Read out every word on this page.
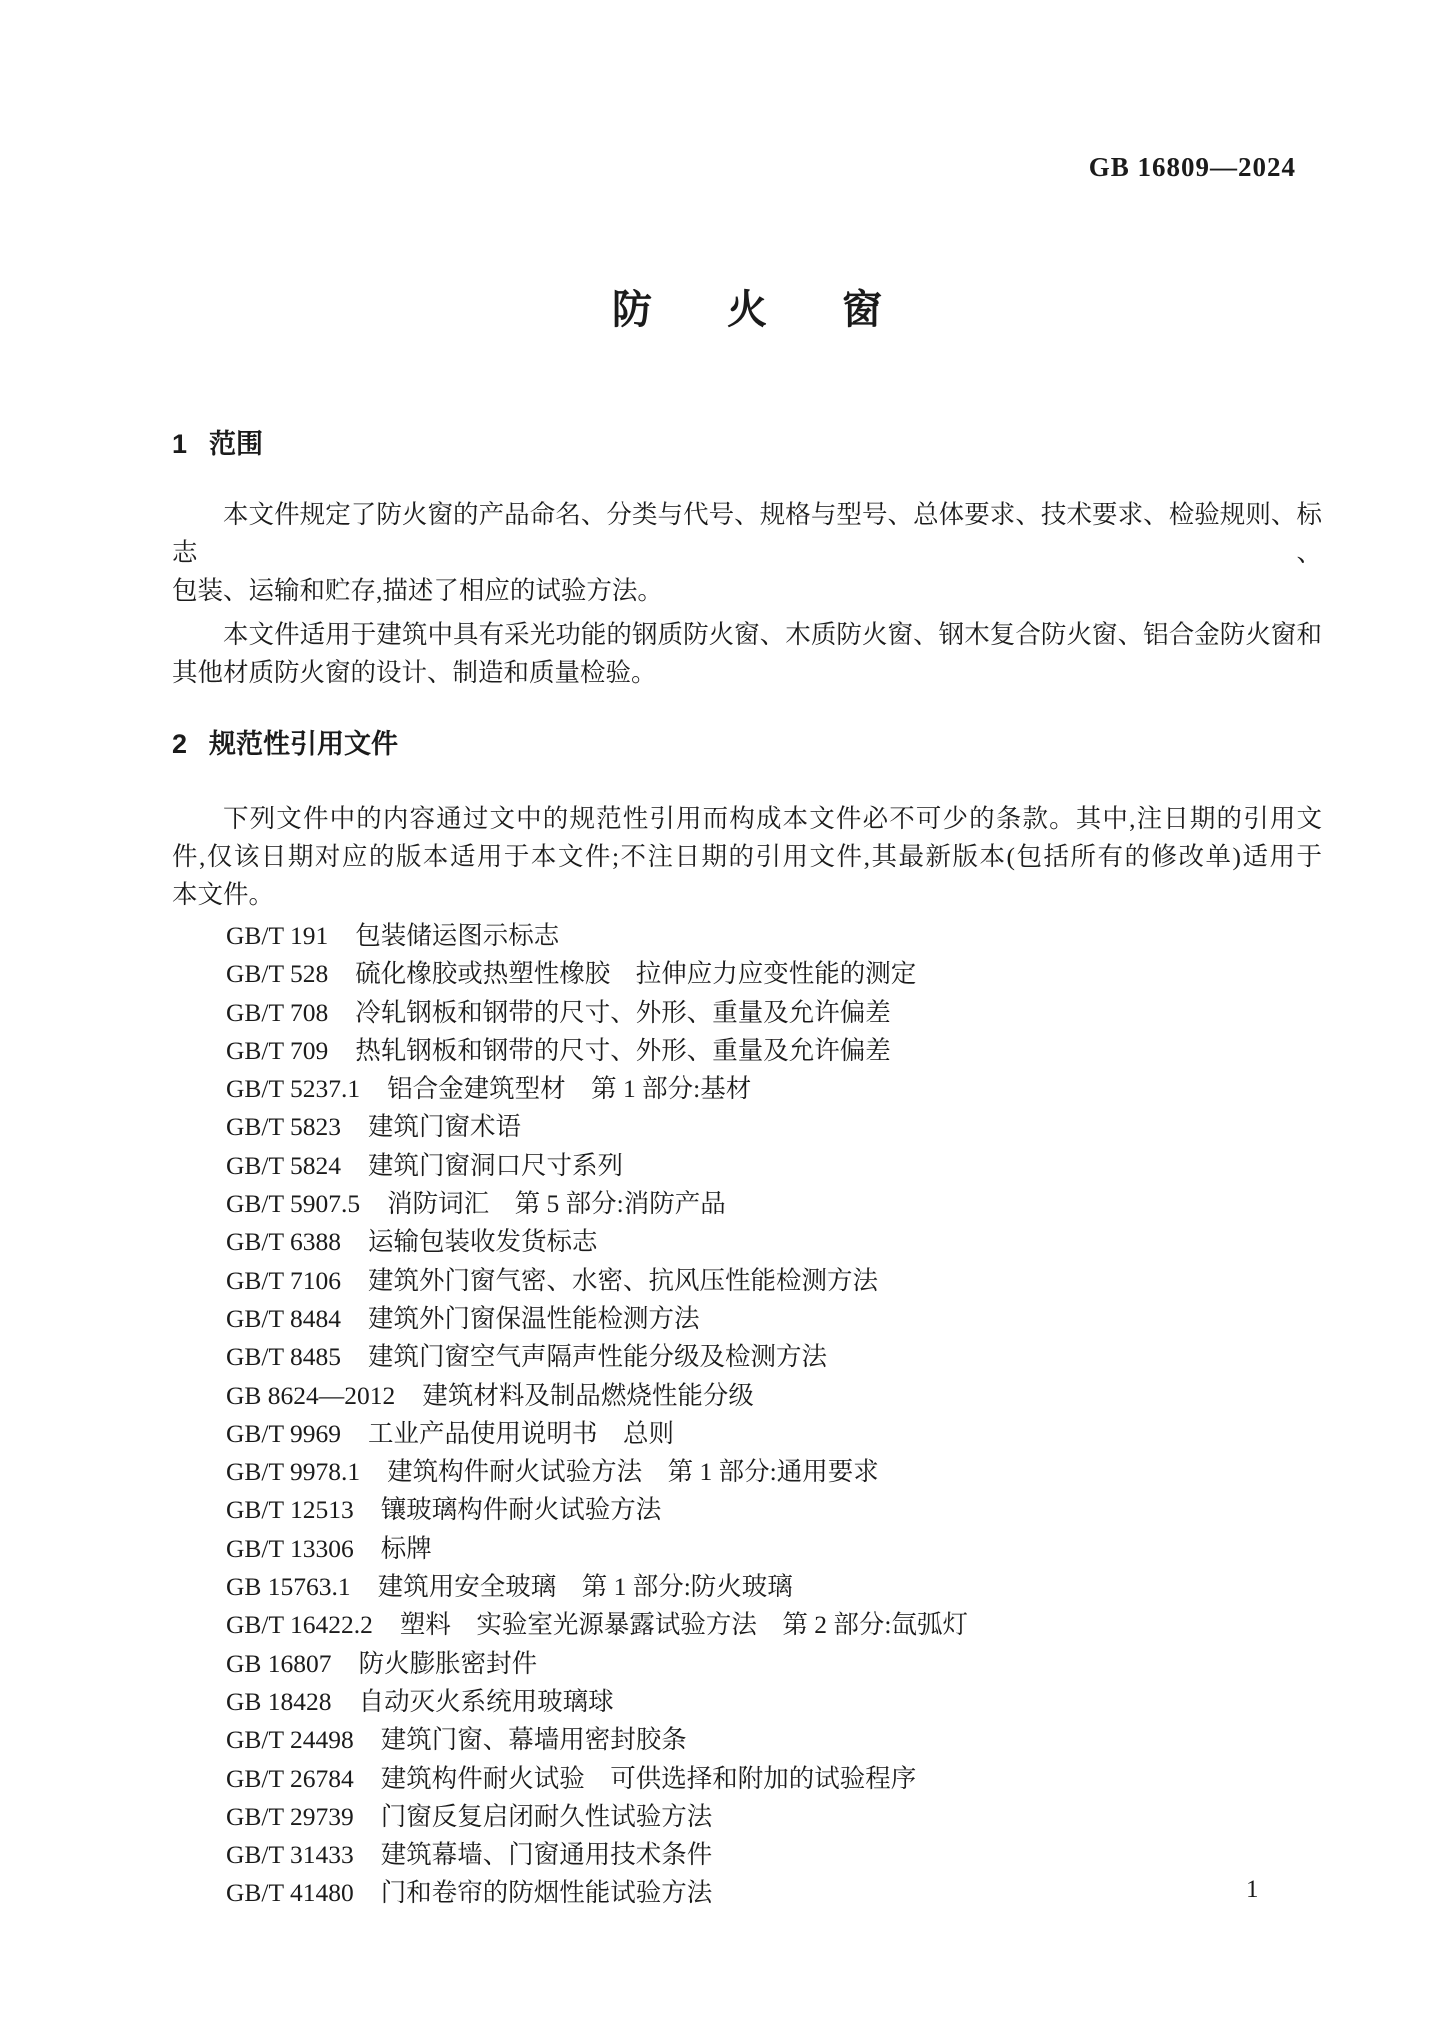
GB 16809—2024
防火窗
1 范围
本文件规定了防火窗的产品命名、分类与代号、规格与型号、总体要求、技术要求、检验规则、标志、
包装、运输和贮存,描述了相应的试验方法。
本文件适用于建筑中具有采光功能的钢质防火窗、木质防火窗、钢木复合防火窗、铝合金防火窗和
其他材质防火窗的设计、制造和质量检验。
2 规范性引用文件
下列文件中的内容通过文中的规范性引用而构成本文件必不可少的条款。其中,注日期的引用文
件,仅该日期对应的版本适用于本文件;不注日期的引用文件,其最新版本(包括所有的修改单)适用于
本文件。
GB/T 191 包装储运图示标志
GB/T 528 硫化橡胶或热塑性橡胶　拉伸应力应变性能的测定
GB/T 708 冷轧钢板和钢带的尺寸、外形、重量及允许偏差
GB/T 709 热轧钢板和钢带的尺寸、外形、重量及允许偏差
GB/T 5237.1 铝合金建筑型材　第 1 部分:基材
GB/T 5823 建筑门窗术语
GB/T 5824 建筑门窗洞口尺寸系列
GB/T 5907.5 消防词汇　第 5 部分:消防产品
GB/T 6388 运输包装收发货标志
GB/T 7106 建筑外门窗气密、水密、抗风压性能检测方法
GB/T 8484 建筑外门窗保温性能检测方法
GB/T 8485 建筑门窗空气声隔声性能分级及检测方法
GB 8624—2012 建筑材料及制品燃烧性能分级
GB/T 9969 工业产品使用说明书　总则
GB/T 9978.1 建筑构件耐火试验方法　第 1 部分:通用要求
GB/T 12513 镶玻璃构件耐火试验方法
GB/T 13306 标牌
GB 15763.1 建筑用安全玻璃　第 1 部分:防火玻璃
GB/T 16422.2 塑料　实验室光源暴露试验方法　第 2 部分:氙弧灯
GB 16807 防火膨胀密封件
GB 18428 自动灭火系统用玻璃球
GB/T 24498 建筑门窗、幕墙用密封胶条
GB/T 26784 建筑构件耐火试验　可供选择和附加的试验程序
GB/T 29739 门窗反复启闭耐久性试验方法
GB/T 31433 建筑幕墙、门窗通用技术条件
GB/T 41480 门和卷帘的防烟性能试验方法	1
